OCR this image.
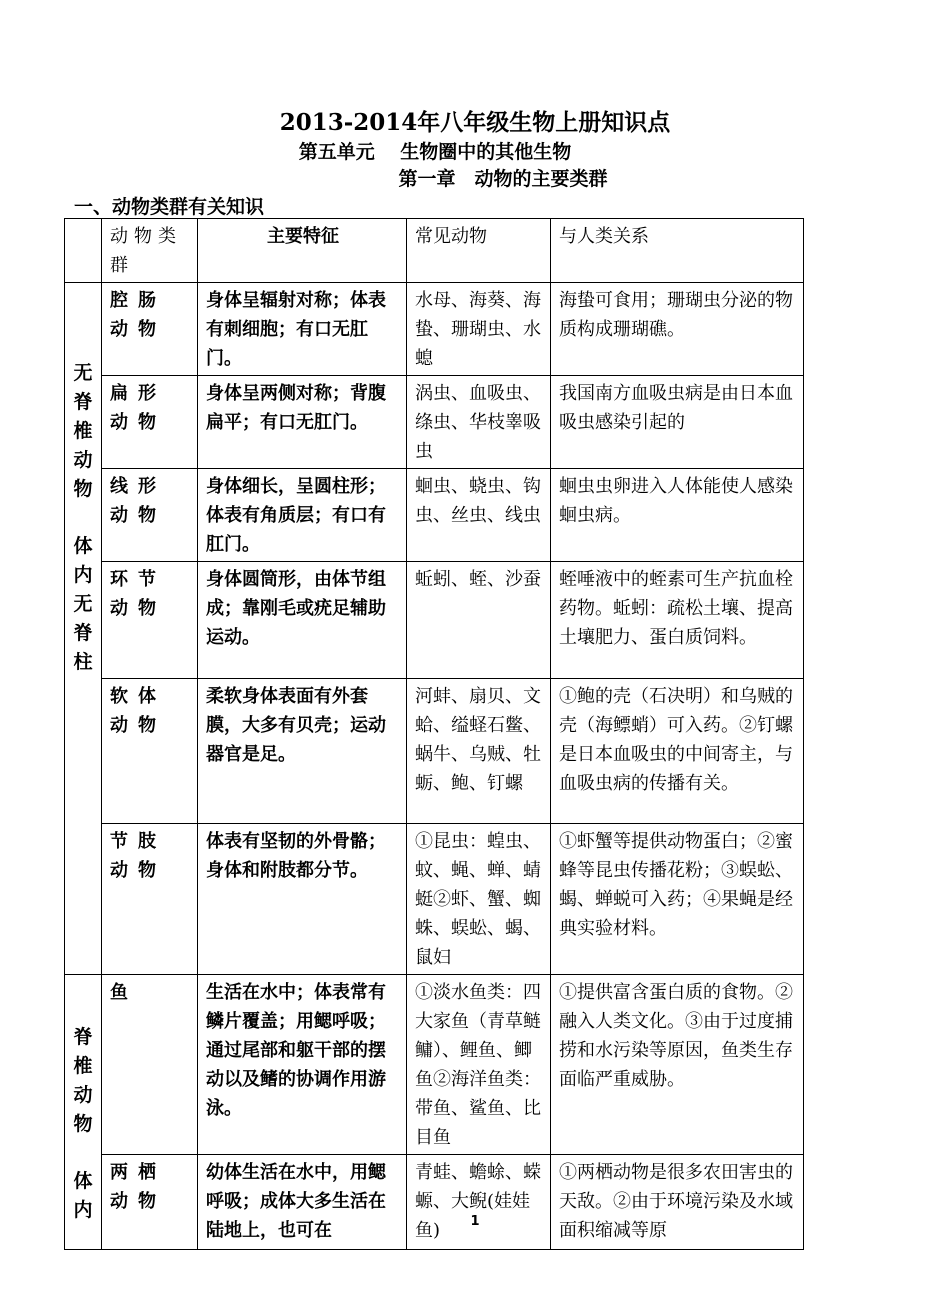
2013-2014年八年级生物上册知识点
第五单元　 生物圈中的其他生物
第一章　动物的主要类群
一、动物类群有关知识
	动物类群	主要特征	常见动物	与人类关系

无脊椎动物
体内无脊柱	腔肠动物	身体呈辐射对称；体表有刺细胞；有口无肛门。	水母、海葵、海蛰、珊瑚虫、水螅	海蛰可食用；珊瑚虫分泌的物质构成珊瑚礁。
	扁形动物	身体呈两侧对称；背腹扁平；有口无肛门。	涡虫、血吸虫、绦虫、华枝睾吸虫	我国南方血吸虫病是由日本血吸虫感染引起的
	线形动物	身体细长，呈圆柱形；体表有角质层；有口有肛门。	蛔虫、蛲虫、钩虫、丝虫、线虫	蛔虫虫卵进入人体能使人感染蛔虫病。
	环节动物	身体圆筒形，由体节组成；靠刚毛或疣足辅助运动。	蚯蚓、蛭、沙蚕	蛭唾液中的蛭素可生产抗血栓药物。蚯蚓：疏松土壤、提高土壤肥力、蛋白质饲料。
	软体动物	柔软身体表面有外套膜，大多有贝壳；运动器官是足。	河蚌、扇贝、文蛤、缢蛏石鳖、蜗牛、乌贼、牡蛎、鲍、钉螺	①鲍的壳（石决明）和乌贼的壳（海鳔蛸）可入药。②钉螺是日本血吸虫的中间寄主，与血吸虫病的传播有关。
	节肢动物	体表有坚韧的外骨骼；身体和附肢都分节。	①昆虫：蝗虫、蚊、蝇、蝉、蜻蜓②虾、蟹、蜘蛛、蜈蚣、蝎、鼠妇	①虾蟹等提供动物蛋白；②蜜蜂等昆虫传播花粉；③蜈蚣、蝎、蝉蜕可入药；④果蝇是经典实验材料。

脊椎动物
体内	鱼	生活在水中；体表常有鳞片覆盖；用鳃呼吸；通过尾部和躯干部的摆动以及鳍的协调作用游泳。	①淡水鱼类：四大家鱼（青草鲢鳙）、鲤鱼、鲫鱼②海洋鱼类：带鱼、鲨鱼、比目鱼	①提供富含蛋白质的食物。②融入人类文化。③由于过度捕捞和水污染等原因，鱼类生存面临严重威胁。
	两栖动物	幼体生活在水中，用鳃呼吸；成体大多生活在陆地上，也可在	青蛙、蟾蜍、蝾螈、大鲵(娃娃鱼)	①两栖动物是很多农田害虫的天敌。②由于环境污染及水域面积缩减等原
1
